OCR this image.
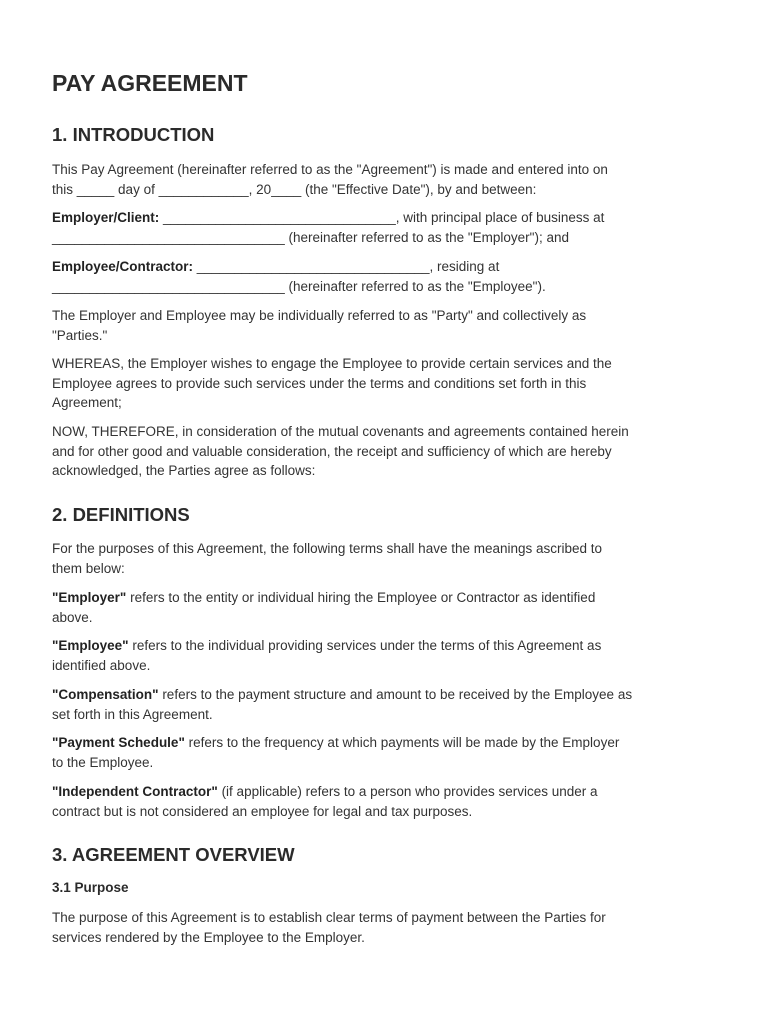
PAY AGREEMENT
1. INTRODUCTION

This Pay Agreement (hereinafter referred to as the "Agreement") is made and entered into on
this _____ day of ____________, 20____ (the "Effective Date"), by and between:

Employer/Client: _______________________________, with principal place of business at
_______________________________ (hereinafter referred to as the "Employer"); and

Employee/Contractor: _______________________________, residing at
_______________________________ (hereinafter referred to as the "Employee").

The Employer and Employee may be individually referred to as "Party" and collectively as
"Parties."

WHEREAS, the Employer wishes to engage the Employee to provide certain services and the
Employee agrees to provide such services under the terms and conditions set forth in this
Agreement;

NOW, THEREFORE, in consideration of the mutual covenants and agreements contained herein
and for other good and valuable consideration, the receipt and sufficiency of which are hereby
acknowledged, the Parties agree as follows:

2. DEFINITIONS

For the purposes of this Agreement, the following terms shall have the meanings ascribed to
them below:

"Employer" refers to the entity or individual hiring the Employee or Contractor as identified
above.

"Employee" refers to the individual providing services under the terms of this Agreement as
identified above.

"Compensation" refers to the payment structure and amount to be received by the Employee as
set forth in this Agreement.

"Payment Schedule" refers to the frequency at which payments will be made by the Employer
to the Employee.

"Independent Contractor" (if applicable) refers to a person who provides services under a
contract but is not considered an employee for legal and tax purposes.

3. AGREEMENT OVERVIEW
3.1 Purpose

The purpose of this Agreement is to establish clear terms of payment between the Parties for
services rendered by the Employee to the Employer.
